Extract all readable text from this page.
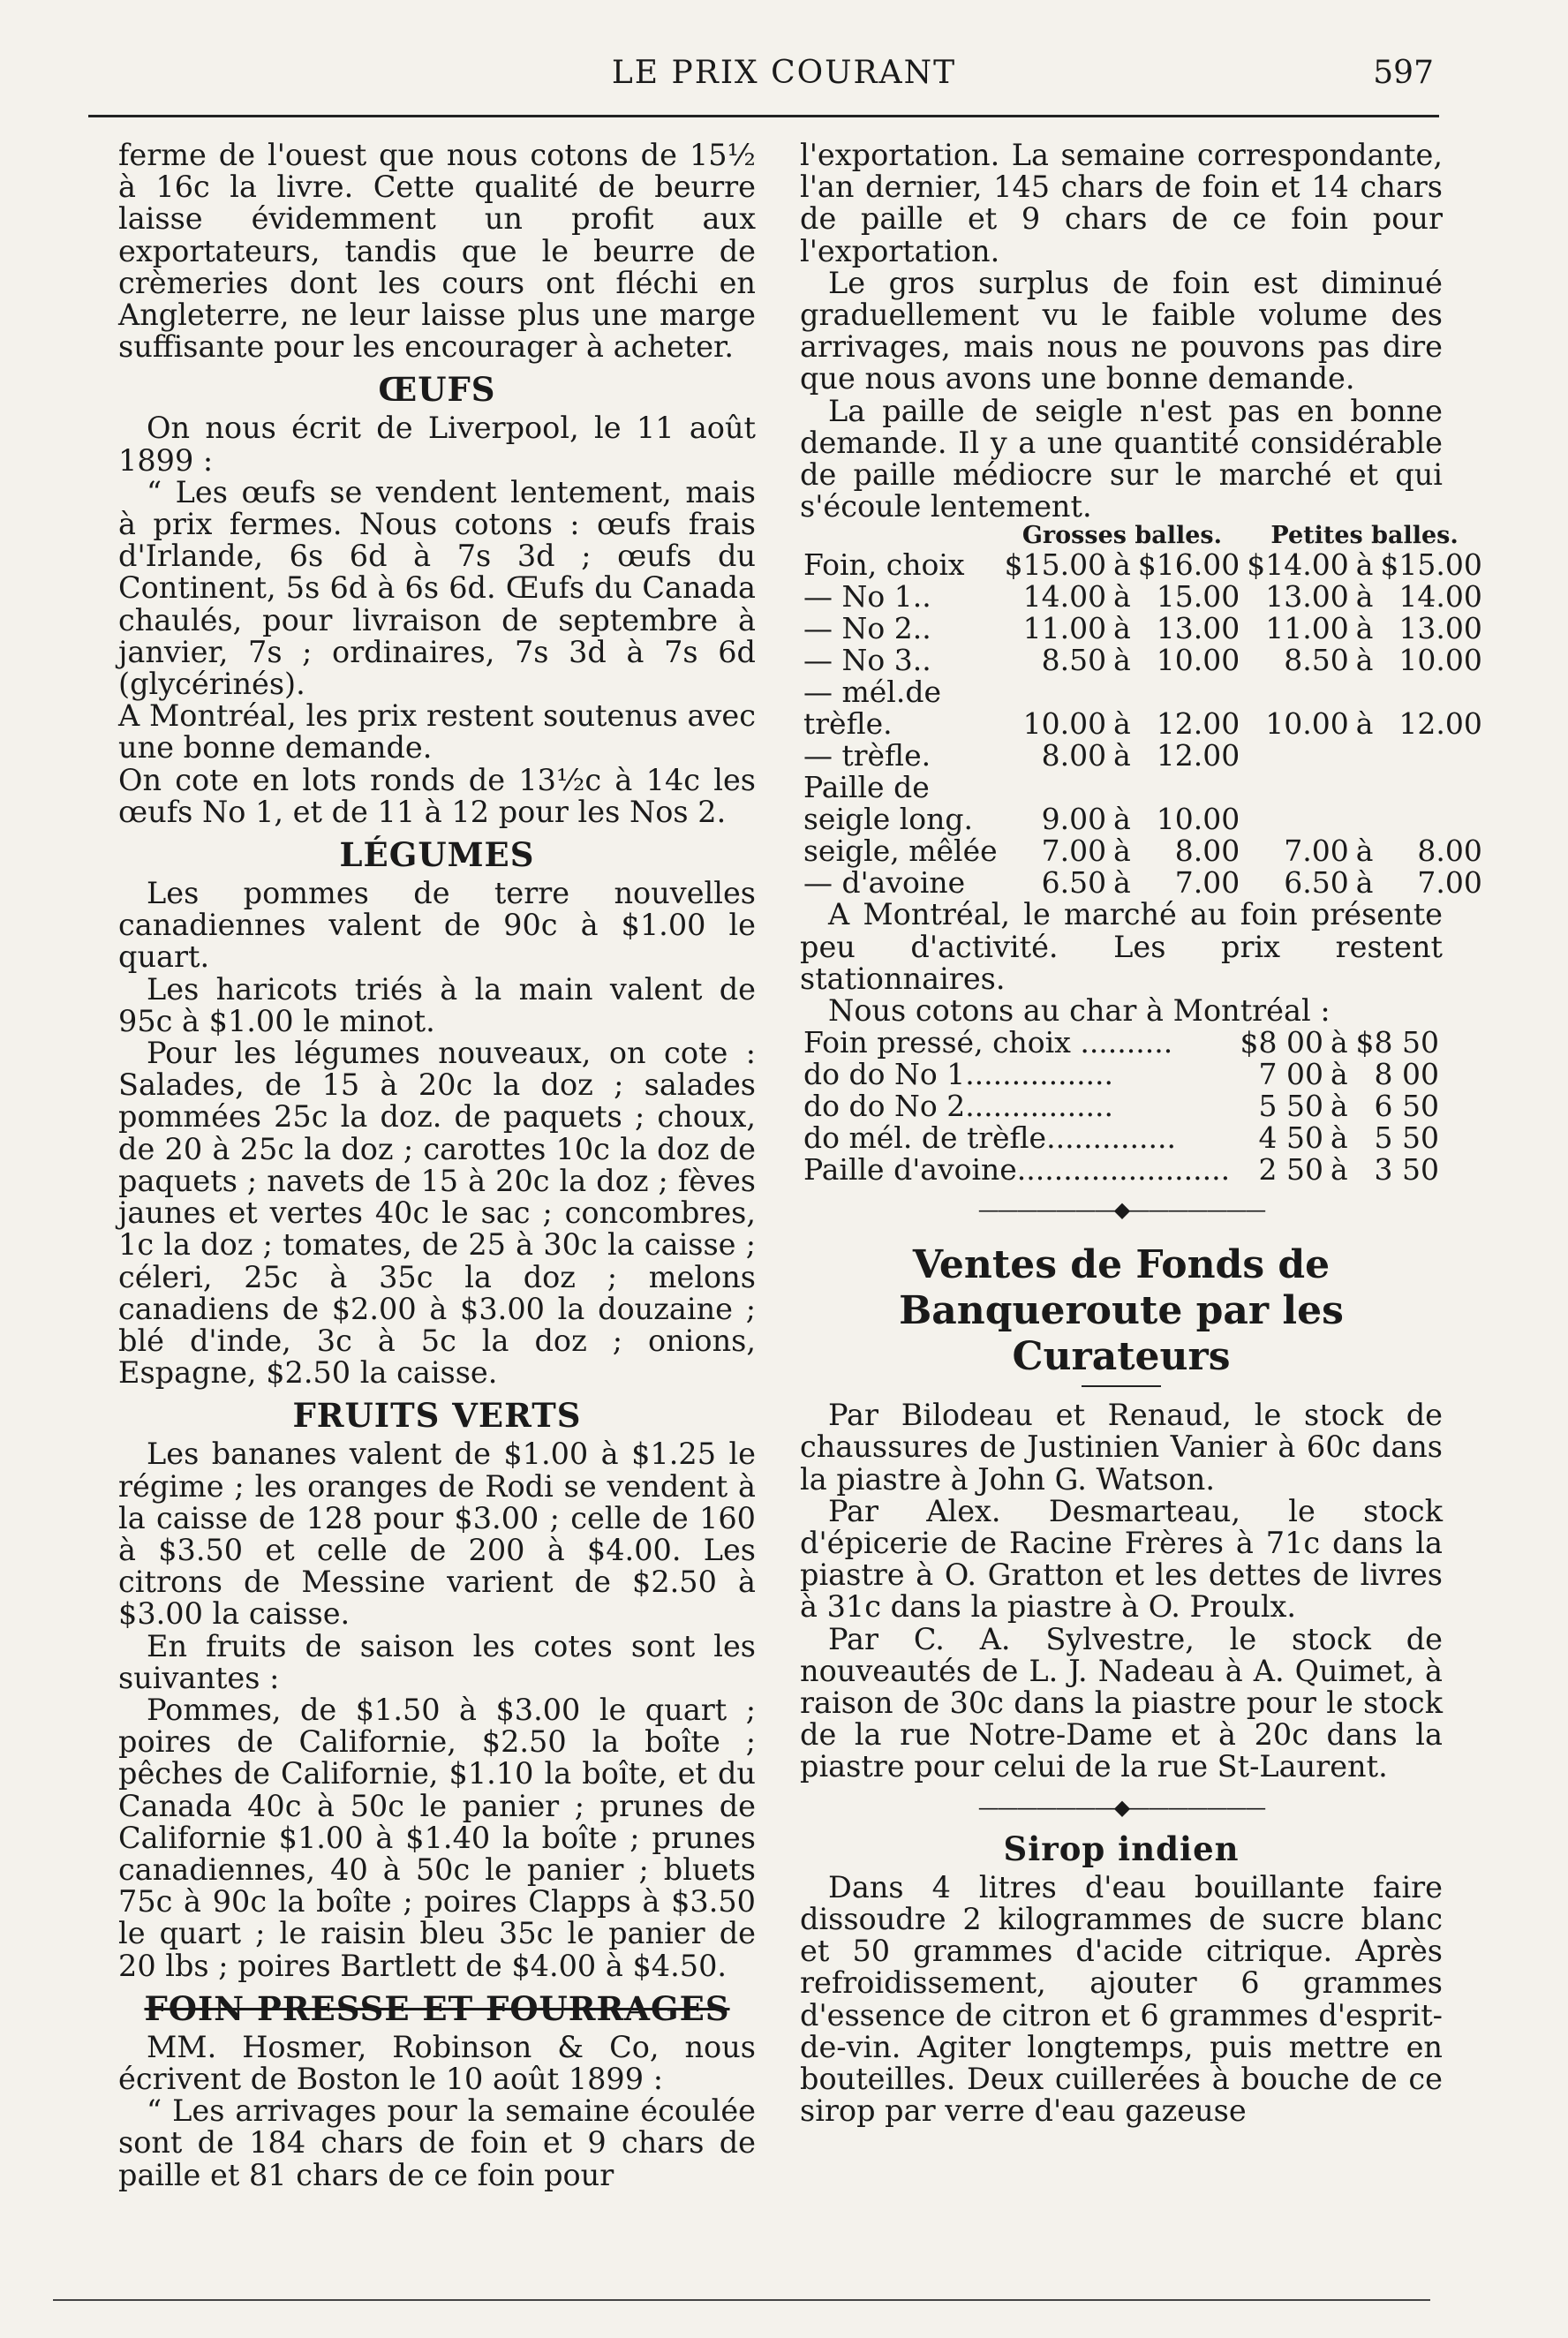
LE PRIX COURANT	597

ferme de l'ouest que nous cotons de 15½ à 16c la livre. Cette qualité de beurre laisse évidemment un profit aux exportateurs, tandis que le beurre de crèmeries dont les cours ont fléchi en Angleterre, ne leur laisse plus une marge suffisante pour les encourager à acheter.

ŒUFS

On nous écrit de Liverpool, le 11 août 1899 :

“ Les œufs se vendent lentement, mais à prix fermes. Nous cotons : œufs frais d'Irlande, 6s 6d à 7s 3d ; œufs du Continent, 5s 6d à 6s 6d. Œufs du Canada chaulés, pour livraison de septembre à janvier, 7s ; ordinaires, 7s 3d à 7s 6d (glycérinés).

A Montréal, les prix restent soutenus avec une bonne demande.

On cote en lots ronds de 13½c à 14c les œufs No 1, et de 11 à 12 pour les Nos 2.

LÉGUMES

Les pommes de terre nouvelles canadiennes valent de 90c à $1.00 le quart.

Les haricots triés à la main valent de 95c à $1.00 le minot.

Pour les légumes nouveaux, on cote : Salades, de 15 à 20c la doz ; salades pommées 25c la doz. de paquets ; choux, de 20 à 25c la doz ; carottes 10c la doz de paquets ; navets de 15 à 20c la doz ; fèves jaunes et vertes 40c le sac ; concombres, 1c la doz ; tomates, de 25 à 30c la caisse ; céleri, 25c à 35c la doz ; melons canadiens de $2.00 à $3.00 la douzaine ; blé d'inde, 3c à 5c la doz ; onions, Espagne, $2.50 la caisse.

FRUITS VERTS

Les bananes valent de $1.00 à $1.25 le régime ; les oranges de Rodi se vendent à la caisse de 128 pour $3.00 ; celle de 160 à $3.50 et celle de 200 à $4.00. Les citrons de Messine varient de $2.50 à $3.00 la caisse.

En fruits de saison les cotes sont les suivantes :

Pommes, de $1.50 à $3.00 le quart ; poires de Californie, $2.50 la boîte ; pêches de Californie, $1.10 la boîte, et du Canada 40c à 50c le panier ; prunes de Californie $1.00 à $1.40 la boîte ; prunes canadiennes, 40 à 50c le panier ; bluets 75c à 90c la boîte ; poires Clapps à $3.50 le quart ; le raisin bleu 35c le panier de 20 lbs ; poires Bartlett de $4.00 à $4.50.

FOIN PRESSE ET FOURRAGES

MM. Hosmer, Robinson & Co, nous écrivent de Boston le 10 août 1899 :

“ Les arrivages pour la semaine écoulée sont de 184 chars de foin et 9 chars de paille et 81 chars de ce foin pour

l'exportation. La semaine correspondante, l'an dernier, 145 chars de foin et 14 chars de paille et 9 chars de ce foin pour l'exportation.

Le gros surplus de foin est diminué graduellement vu le faible volume des arrivages, mais nous ne pouvons pas dire que nous avons une bonne demande.

La paille de seigle n'est pas en bonne demande. Il y a une quantité considérable de paille médiocre sur le marché et qui s'écoule lentement.

	Grosses balles.			Petites balles.		
Foin, choix	$15.00	à	$16.00	$14.00	à	$15.00
— No 1..	14.00	à	15.00	13.00	à	14.00
— No 2..	11.00	à	13.00	11.00	à	13.00
— No 3..	8.50	à	10.00	8.50	à	10.00
— mél.de						
trèfle.	10.00	à	12.00	10.00	à	12.00
— trèfle.	8.00	à	12.00			
Paille de						
seigle long.	9.00	à	10.00			
seigle, mêlée	7.00	à	8.00	7.00	à	8.00
— d'avoine	6.50	à	7.00	6.50	à	7.00

A Montréal, le marché au foin présente peu d'activité. Les prix restent stationnaires.

Nous cotons au char à Montréal :

Foin pressé, choix ..........	$8 00	à	$8 50
do do No 1................	7 00	à	8 00
do do No 2................	5 50	à	6 50
do mél. de trèfle..............	4 50	à	5 50
Paille d'avoine.......................	2 50	à	3 50
———————◆———————
Ventes de Fonds de Banqueroute par les Curateurs

Par Bilodeau et Renaud, le stock de chaussures de Justinien Vanier à 60c dans la piastre à John G. Watson.

Par Alex. Desmarteau, le stock d'épicerie de Racine Frères à 71c dans la piastre à O. Gratton et les dettes de livres à 31c dans la piastre à O. Proulx.

Par C. A. Sylvestre, le stock de nouveautés de L. J. Nadeau à A. Quimet, à raison de 30c dans la piastre pour le stock de la rue Notre-Dame et à 20c dans la piastre pour celui de la rue St-Laurent.

———————◆———————
Sirop indien

Dans 4 litres d'eau bouillante faire dissoudre 2 kilogrammes de sucre blanc et 50 grammes d'acide citrique. Après refroidissement, ajouter 6 grammes d'essence de citron et 6 grammes d'esprit-de-vin. Agiter longtemps, puis mettre en bouteilles. Deux cuillerées à bouche de ce sirop par verre d'eau gazeuse
